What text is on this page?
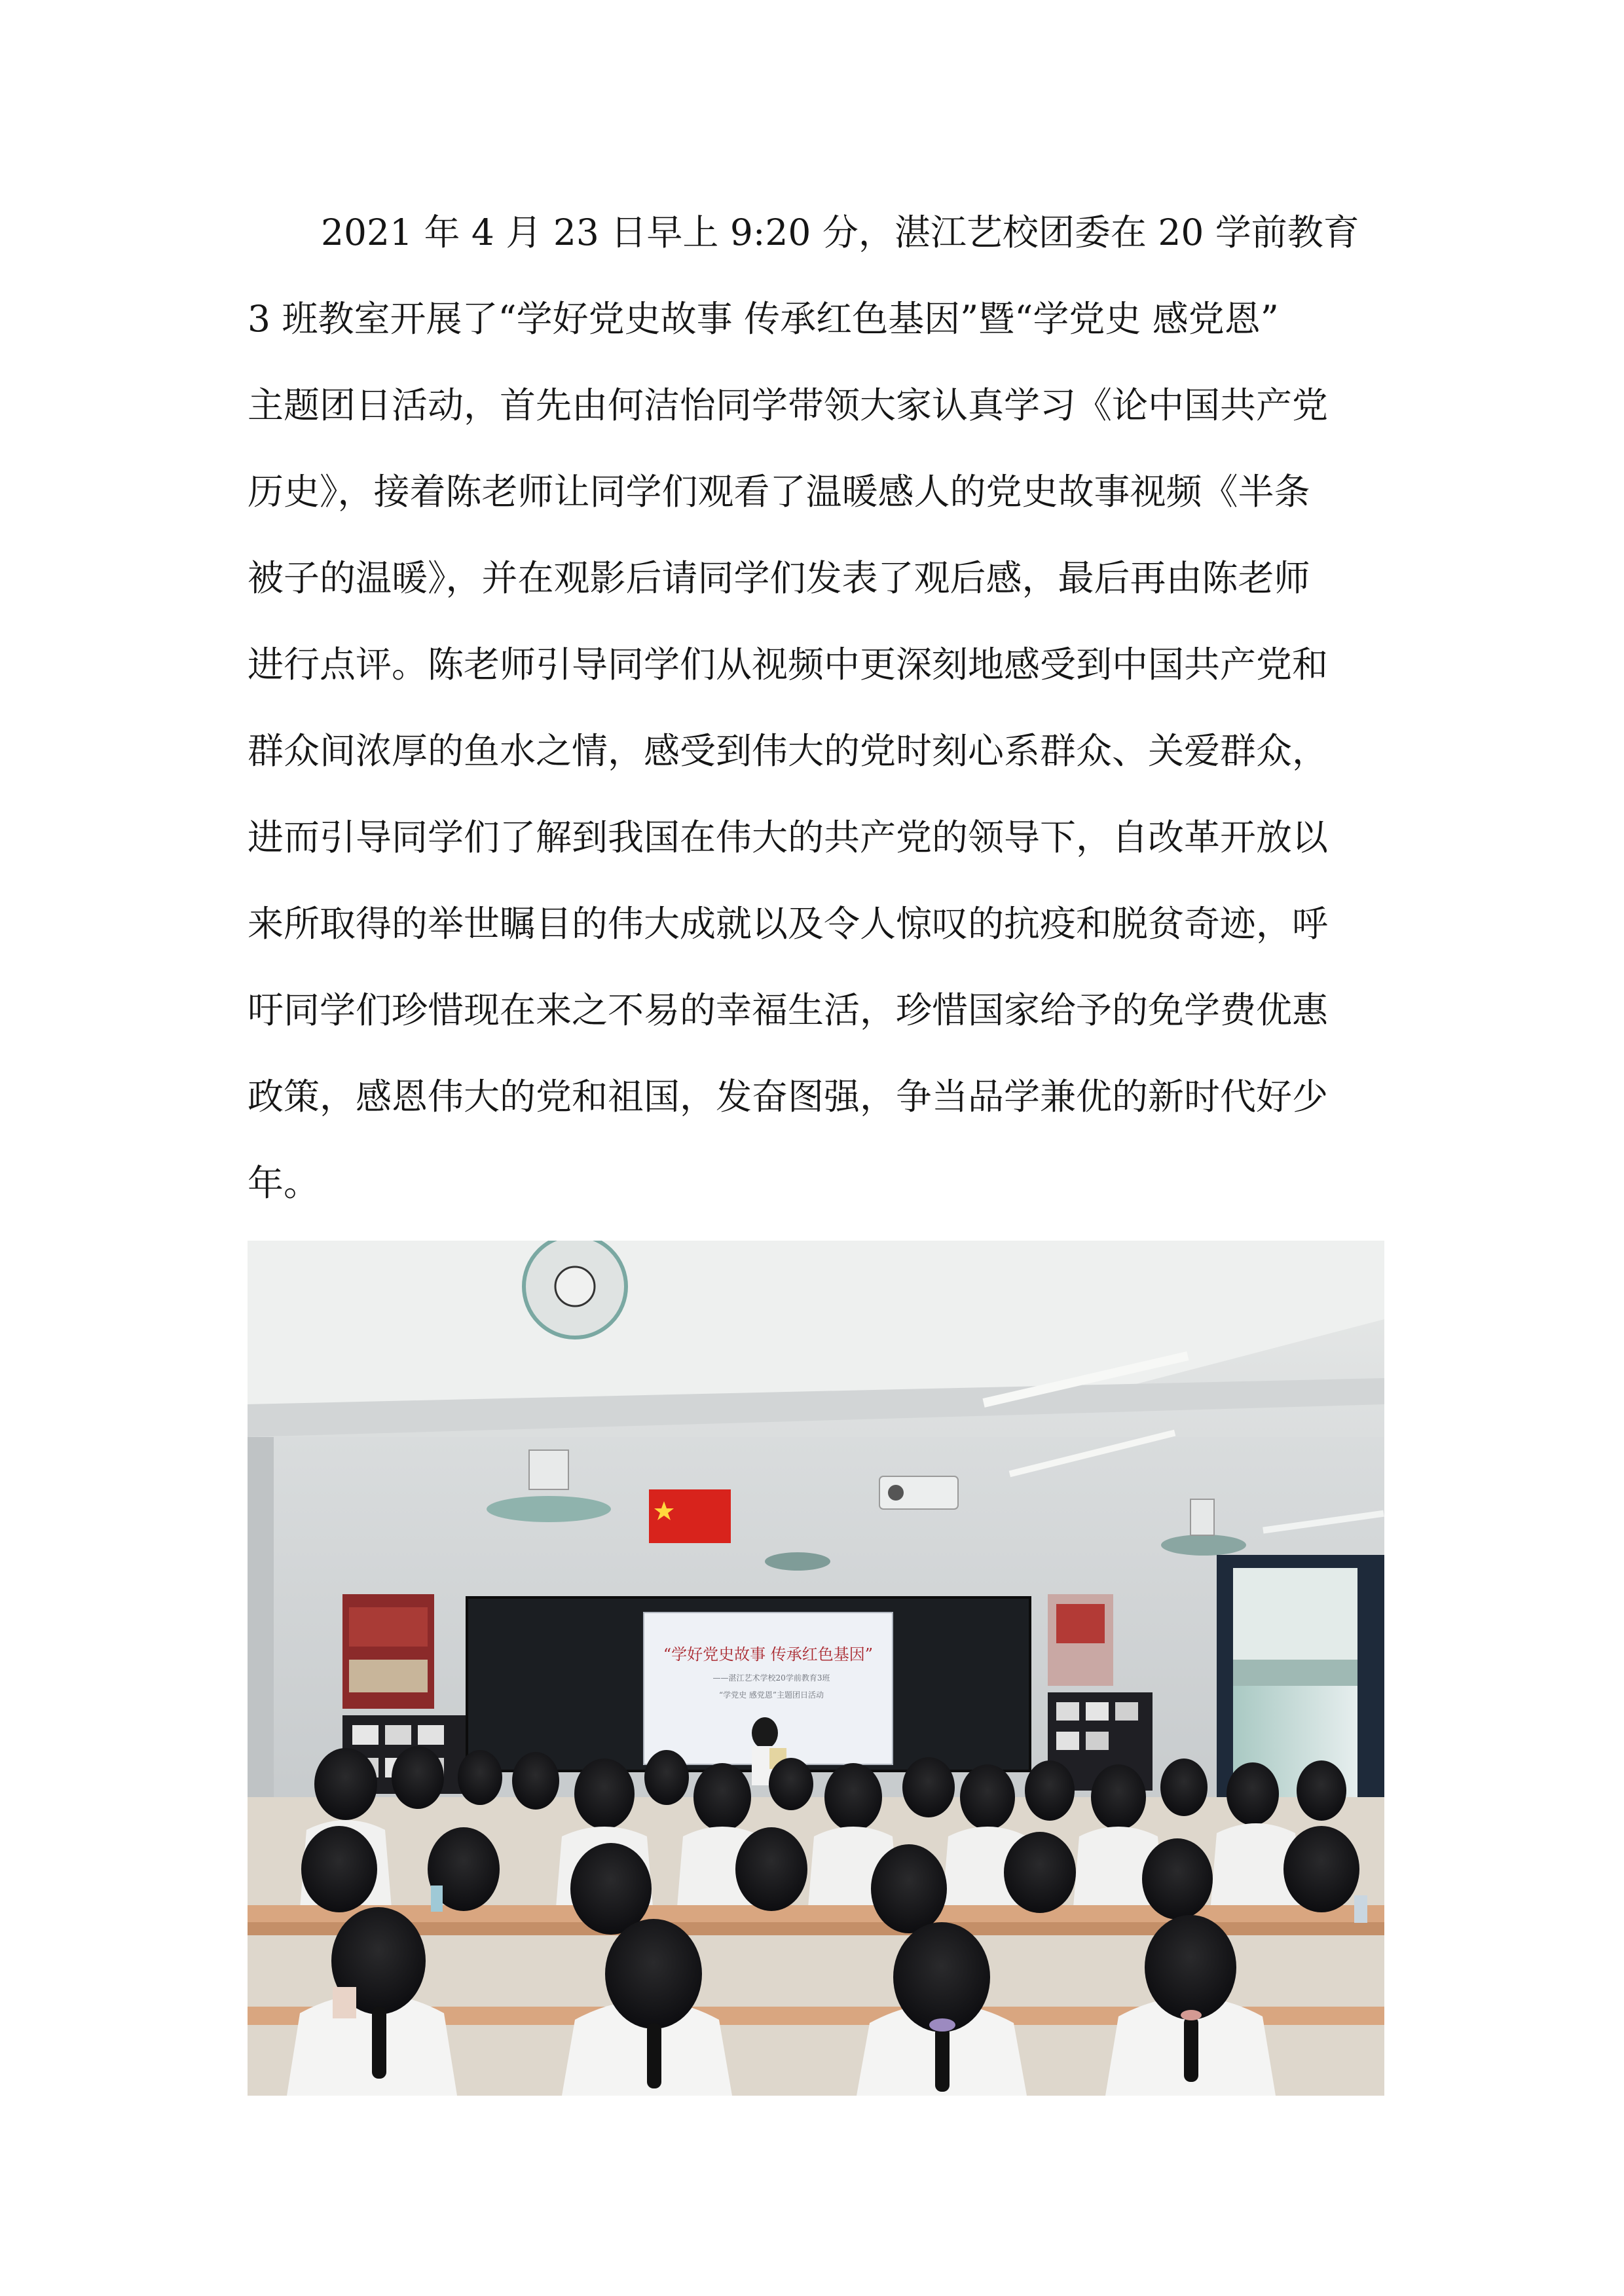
2021 年 4 月 23 日早上 9:20 分，湛江艺校团委在 20 学前教育
3 班教室开展了“学好党史故事 传承红色基因”暨“学党史 感党恩”
主题团日活动，首先由何洁怡同学带领大家认真学习《论中国共产党
历史》，接着陈老师让同学们观看了温暖感人的党史故事视频《半条
被子的温暖》，并在观影后请同学们发表了观后感，最后再由陈老师
进行点评。陈老师引导同学们从视频中更深刻地感受到中国共产党和
群众间浓厚的鱼水之情，感受到伟大的党时刻心系群众、关爱群众，
进而引导同学们了解到我国在伟大的共产党的领导下，自改革开放以
来所取得的举世瞩目的伟大成就以及令人惊叹的抗疫和脱贫奇迹，呼
吁同学们珍惜现在来之不易的幸福生活，珍惜国家给予的免学费优惠
政策，感恩伟大的党和祖国，发奋图强，争当品学兼优的新时代好少
年。
“学好党史故事 传承红色基因”
——湛江艺术学校20学前教育3班
“学党史 感党恩”主题团日活动
